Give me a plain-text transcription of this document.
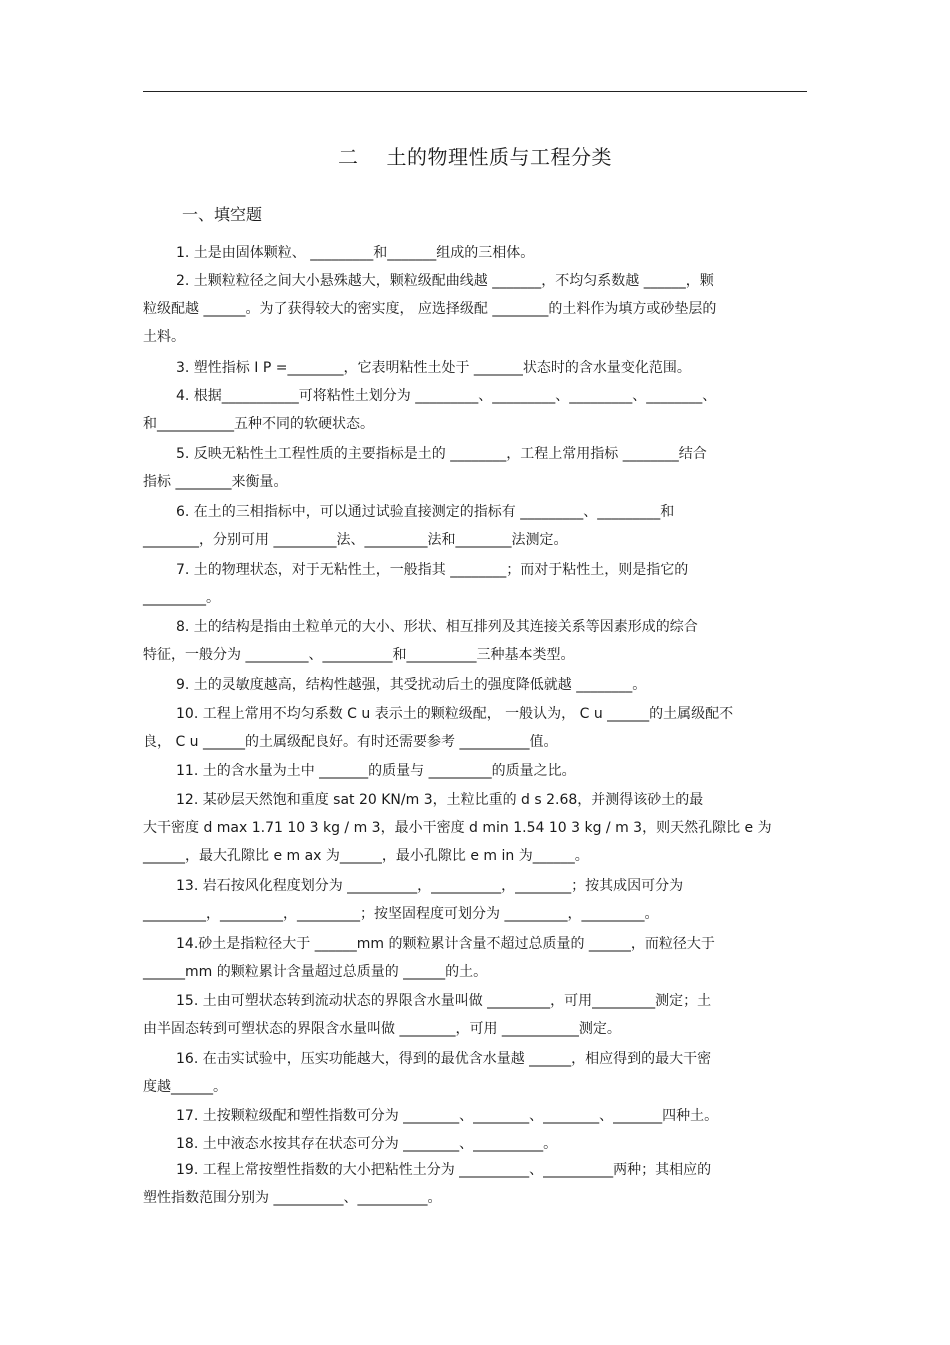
二 土的物理性质与工程分类
一、填空题
1. 土是由固体颗粒、 _________和_______组成的三相体。
2. 土颗粒粒径之间大小悬殊越大，颗粒级配曲线越 _______，不均匀系数越 ______，颗
粒级配越 ______。为了获得较大的密实度， 应选择级配 ________的土料作为填方或砂垫层的
土料。
3. 塑性指标 I P =________，它表明粘性土处于 _______状态时的含水量变化范围。
4. 根据___________可将粘性土划分为 _________、_________、_________、________、
和___________五种不同的软硬状态。
5. 反映无粘性土工程性质的主要指标是土的 ________，工程上常用指标 ________结合
指标 ________来衡量。
6. 在土的三相指标中，可以通过试验直接测定的指标有 _________、_________和
________，分别可用 _________法、_________法和________法测定。
7. 土的物理状态，对于无粘性土，一般指其 ________；而对于粘性土，则是指它的
_________。
8. 土的结构是指由土粒单元的大小、形状、相互排列及其连接关系等因素形成的综合
特征，一般分为 _________、__________和__________三种基本类型。
9. 土的灵敏度越高，结构性越强，其受扰动后土的强度降低就越 ________。
10. 工程上常用不均匀系数 C u 表示土的颗粒级配， 一般认为， C u ______的土属级配不
良， C u ______的土属级配良好。有时还需要参考 __________值。
11. 土的含水量为土中 _______的质量与 _________的质量之比。
12. 某砂层天然饱和重度 sat 20 KN/m 3，土粒比重的 d s 2.68，并测得该砂土的最
大干密度 d max 1.71 10 3 kg / m 3，最小干密度 d min 1.54 10 3 kg / m 3，则天然孔隙比 e 为
______，最大孔隙比 e m ax 为______，最小孔隙比 e m in 为______。
13. 岩石按风化程度划分为 __________，__________，________；按其成因可分为
_________，_________，_________；按坚固程度可划分为 _________，_________。
14.砂土是指粒径大于 ______mm 的颗粒累计含量不超过总质量的 ______，而粒径大于
______mm 的颗粒累计含量超过总质量的 ______的土。
15. 土由可塑状态转到流动状态的界限含水量叫做 _________，可用_________测定；土
由半固态转到可塑状态的界限含水量叫做 ________，可用 ___________测定。
16. 在击实试验中，压实功能越大，得到的最优含水量越 ______，相应得到的最大干密
度越______。
17. 土按颗粒级配和塑性指数可分为 ________、________、________、_______四种土。
18. 土中液态水按其存在状态可分为 ________、__________。
19. 工程上常按塑性指数的大小把粘性土分为 __________、__________两种；其相应的
塑性指数范围分别为 __________、__________。
